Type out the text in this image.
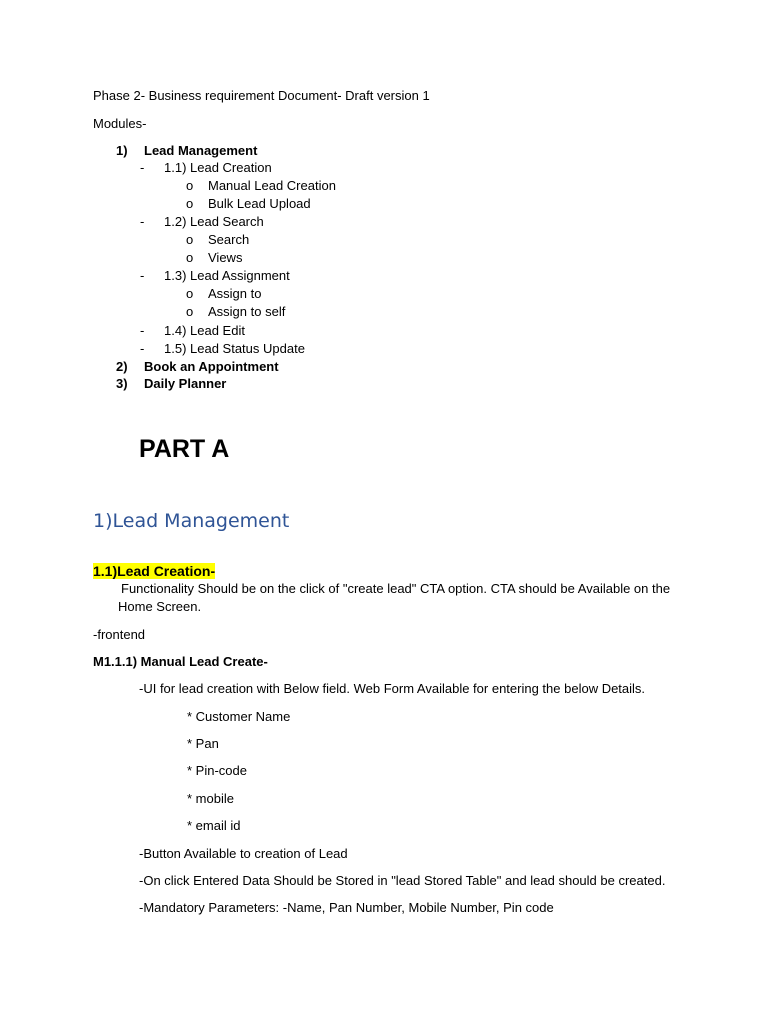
Phase 2- Business requirement Document- Draft version 1
Modules-
1) Lead Management
- 1.1) Lead Creation
o Manual Lead Creation
o Bulk Lead Upload
- 1.2) Lead Search
o Search
o Views
- 1.3) Lead Assignment
o Assign to
o Assign to self
- 1.4) Lead Edit
- 1.5) Lead Status Update
2) Book an Appointment
3) Daily Planner
PART A
1)Lead Management
1.1)Lead Creation-
Functionality Should be on the click of "create lead" CTA option. CTA should be Available on the
Home Screen.
-frontend
M1.1.1) Manual Lead Create-
-UI for lead creation with Below field. Web Form Available for entering the below Details.
* Customer Name
* Pan
* Pin-code
* mobile
* email id
-Button Available to creation of Lead
-On click Entered Data Should be Stored in "lead Stored Table" and lead should be created.
-Mandatory Parameters: -Name, Pan Number, Mobile Number, Pin code
